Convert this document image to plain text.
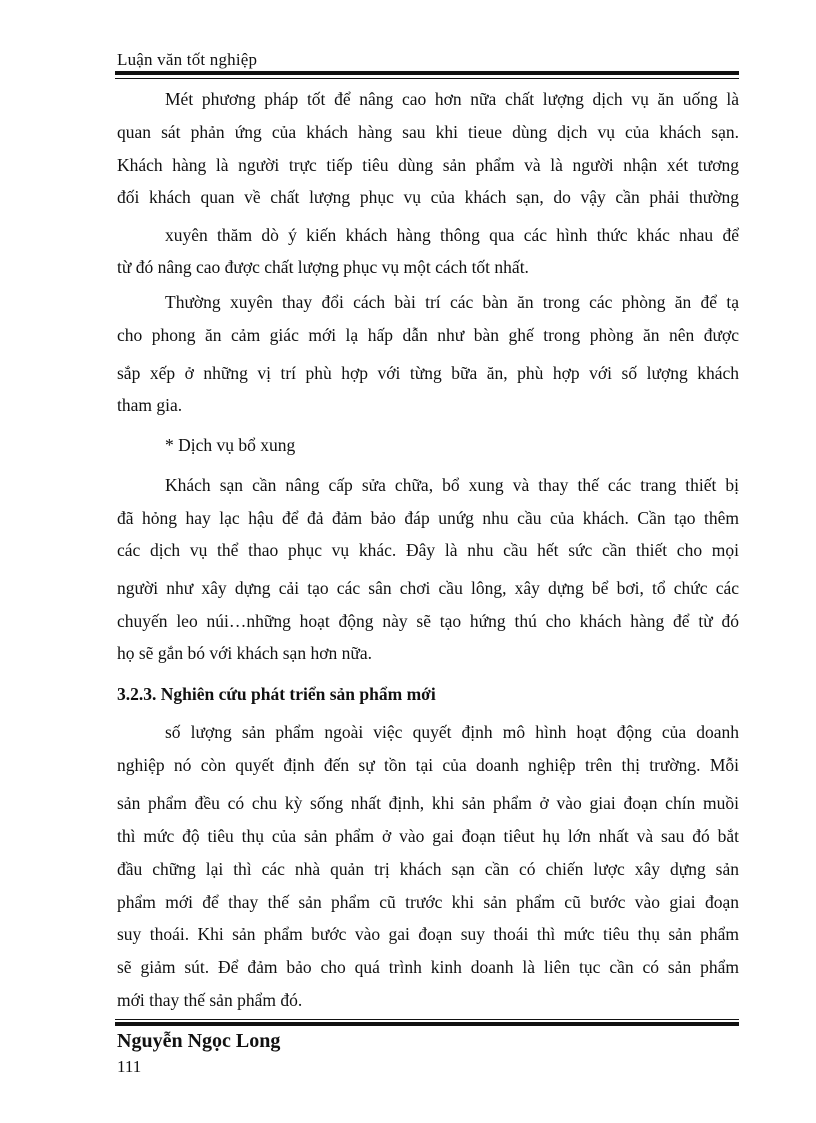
Luận văn tốt nghiệp
Mét phương pháp tốt để nâng cao hơn nữa chất lượng dịch vụ ăn uống là
quan sát phản ứng của khách hàng sau khi tieue dùng dịch vụ của khách sạn.
Khách hàng là người trực tiếp tiêu dùng sản phẩm và là người nhận xét tương
đối khách quan về chất lượng phục vụ của khách sạn, do vậy cần phải thường
xuyên thăm dò ý kiến khách hàng thông qua các hình thức khác nhau để
từ đó nâng cao được chất lượng phục vụ một cách tốt nhất.
Thường xuyên thay đổi cách bài trí các bàn ăn trong các phòng ăn để tạ
cho phong ăn cảm giác mới lạ hấp dẫn như bàn ghế trong phòng ăn nên được
sắp xếp ở những vị trí phù hợp với từng bữa ăn, phù hợp với số lượng khách
tham gia.
* Dịch vụ bổ xung
Khách sạn cần nâng cấp sửa chữa, bổ xung và thay thế các trang thiết bị
đã hỏng hay lạc hậu để đả đảm bảo đáp unứg nhu cầu của khách. Cần tạo thêm
các dịch vụ thể thao phục vụ khác. Đây là nhu cầu hết sức cần thiết cho mọi
người như xây dựng cải tạo các sân chơi cầu lông, xây dựng bể bơi, tổ chức các
chuyến leo núi…những hoạt động này sẽ tạo hứng thú cho khách hàng để từ đó
họ sẽ gắn bó với khách sạn hơn nữa.
3.2.3. Nghiên cứu phát triển sản phẩm mới
số lượng sản phẩm ngoài việc quyết định mô hình hoạt động của doanh
nghiệp nó còn quyết định đến sự tồn tại của doanh nghiệp trên thị trường. Mỗi
sản phẩm đều có chu kỳ sống nhất định, khi sản phẩm ở vào giai đoạn chín muồi
thì mức độ tiêu thụ của sản phẩm ở vào gai đoạn tiêut hụ lớn nhất và sau đó bắt
đầu chững lại thì các nhà quản trị khách sạn cần có chiến lược xây dựng sản
phẩm mới để thay thế sản phẩm cũ trước khi sản phẩm cũ bước vào giai đoạn
suy thoái. Khi sản phẩm bước vào gai đoạn suy thoái thì mức tiêu thụ sản phẩm
sẽ giảm sút. Để đảm bảo cho quá trình kinh doanh là liên tục cần có sản phẩm
mới thay thế sản phẩm đó.
Nguyễn Ngọc Long
111
